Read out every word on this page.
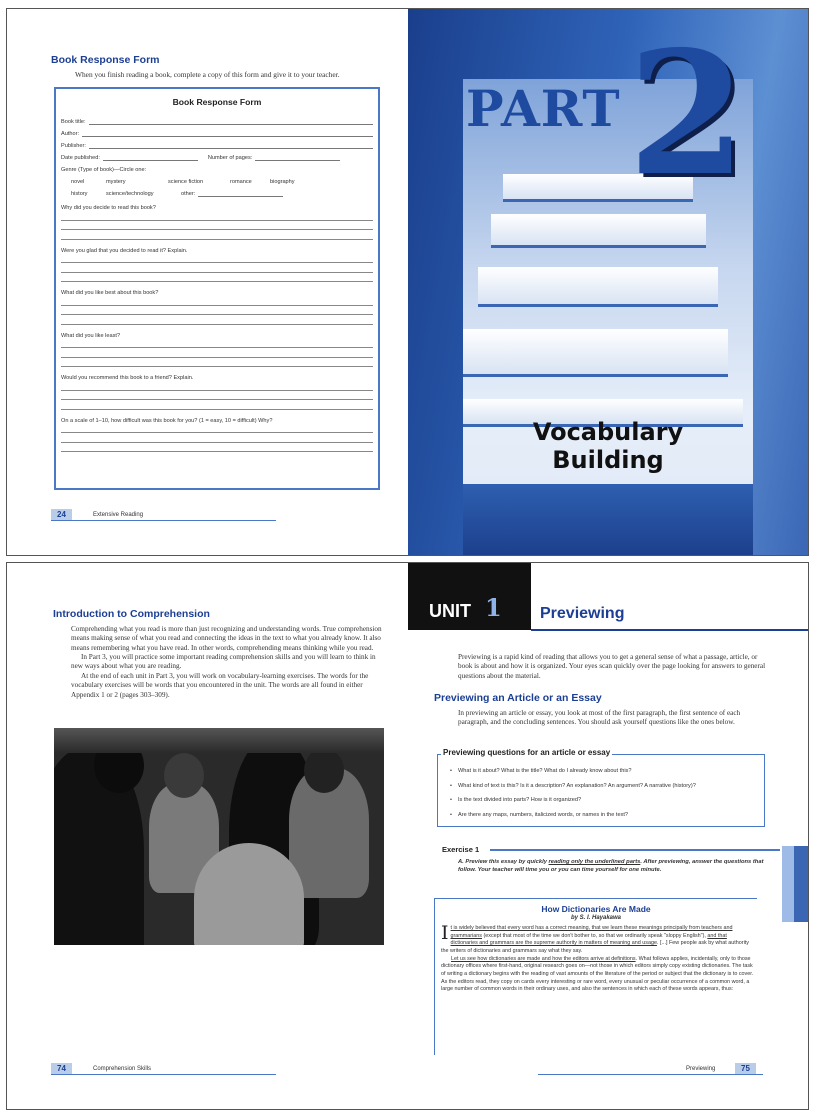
Book Response Form
When you finish reading a book, complete a copy of this form and give it to your teacher.
Book Response Form
Book title:
Author:
Publisher:
Date published:	Number of pages:
Genre (Type of book)—Circle one:
novel	mystery	science fiction	romance	biography
history	science/technology	other:
Why did you decide to read this book?
Were you glad that you decided to read it? Explain.
What did you like best about this book?
What did you like least?
Would you recommend this book to a friend? Explain.
On a scale of 1–10, how difficult was this book for you? (1 = easy, 10 = difficult) Why?
24	Extensive Reading
PART 2
Vocabulary
Building
Introduction to Comprehension

Comprehending what you read is more than just recognizing and understanding words. True comprehension means making sense of what you read and connecting the ideas in the text to what you already know. It also means remembering what you have read. In other words, comprehending means thinking while you read.

In Part 3, you will practice some important reading comprehension skills and you will learn to think in new ways about what you are reading.

At the end of each unit in Part 3, you will work on vocabulary-learning exercises. The words for the vocabulary exercises will be words that you encountered in the unit. The words are all found in either Appendix 1 or 2 (pages 303–309).

74	Comprehension Skills
UNIT 1 Previewing
Previewing is a rapid kind of reading that allows you to get a general sense of what a passage, article, or book is about and how it is organized. Your eyes scan quickly over the page looking for answers to general questions about the material.
Previewing an Article or an Essay
In previewing an article or essay, you look at most of the first paragraph, the first sentence of each paragraph, and the concluding sentences. You should ask yourself questions like the ones below.
Previewing questions for an article or essay
• What is it about? What is the title? What do I already know about this?
• What kind of text is this? Is it a description? An explanation? An argument? A narrative (history)?
• Is the text divided into parts? How is it organized?
• Are there any maps, numbers, italicized words, or names in the text?
Exercise 1
A. Preview this essay by quickly reading only the underlined parts. After previewing, answer the questions that follow. Your teacher will time you or you can time yourself for one minute.
How Dictionaries Are Made
by S. I. Hayakawa

It is widely believed that every word has a correct meaning, that we learn these meanings principally from teachers and grammarians (except that most of the time we don't bother to, so that we ordinarily speak "sloppy English"), and that dictionaries and grammars are the supreme authority in matters of meaning and usage. [...] Few people ask by what authority the writers of dictionaries and grammars say what they say.

Let us see how dictionaries are made and how the editors arrive at definitions. What follows applies, incidentally, only to those dictionary offices where first-hand, original research goes on—not those in which editors simply copy existing dictionaries. The task of writing a dictionary begins with the reading of vast amounts of the literature of the period or subject that the dictionary is to cover. As the editors read, they copy on cards every interesting or rare word, every unusual or peculiar occurrence of a common word, a large number of common words in their ordinary uses, and also the sentences in which each of these words appears, thus:

Previewing	75
